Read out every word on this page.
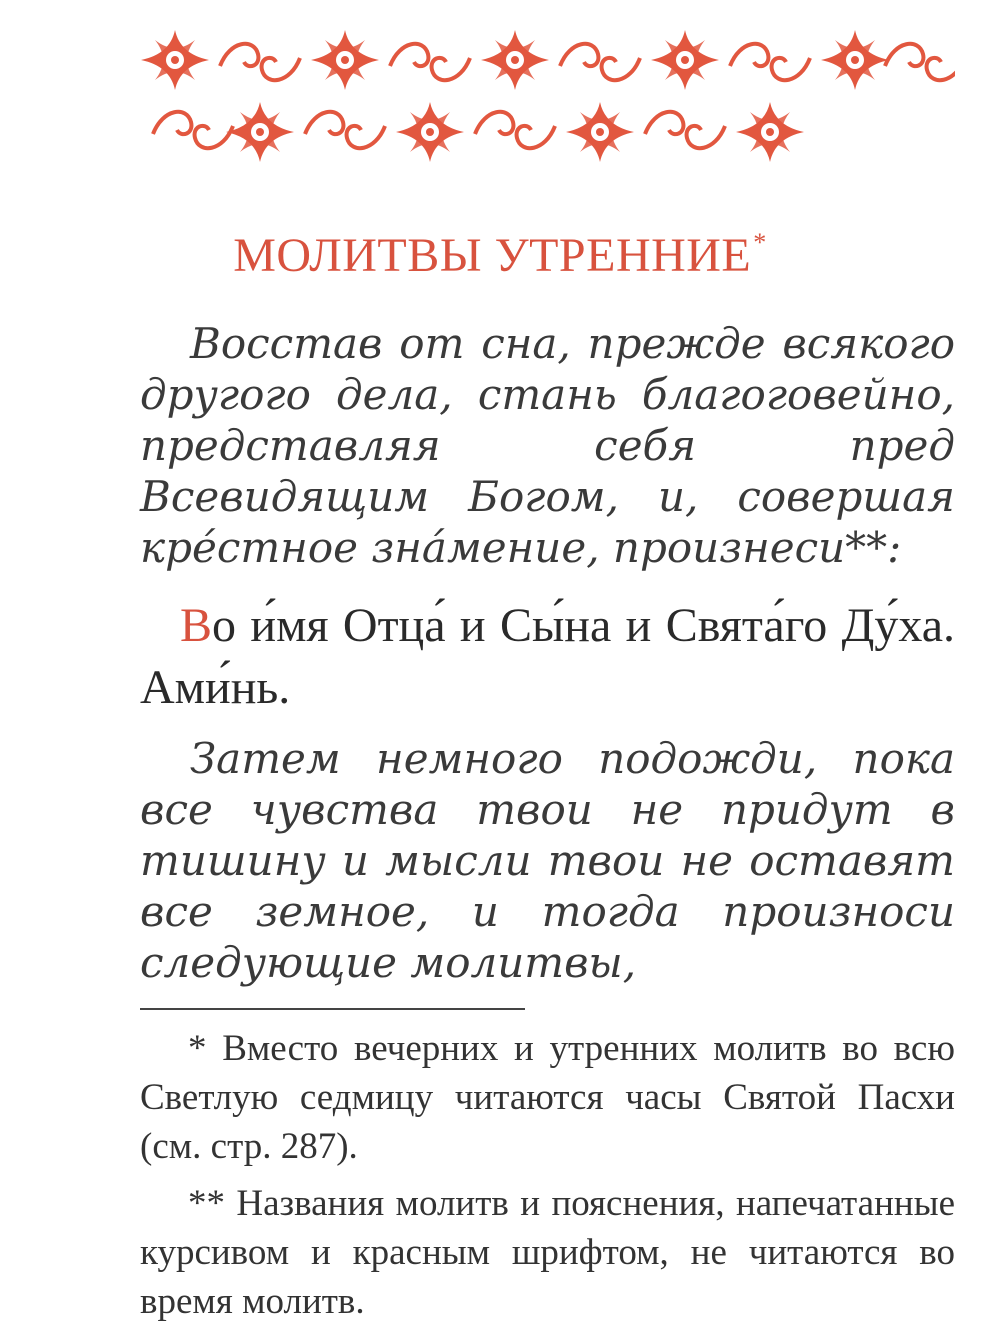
МОЛИТВЫ УТРЕННИЕ*

Восстав от сна, прежде всякого другого дела, стань благоговейно, представляя себя пред Всевидящим Богом, и, совершая кре́стное зна́мение, произнеси**:

Во и́мя Отца́ и Сы́на и Свята́го Ду́ха. Ами́нь.

Затем немного подожди, пока все чувства твои не придут в тишину и мысли твои не оставят все земное, и тогда произноси следующие молитвы,

* Вместо вечерних и утренних молитв во всю Светлую седмицу читаются часы Святой Пасхи (см. стр. 287).

** Названия молитв и пояснения, напечатанные курсивом и красным шрифтом, не читаются во время молитв.
